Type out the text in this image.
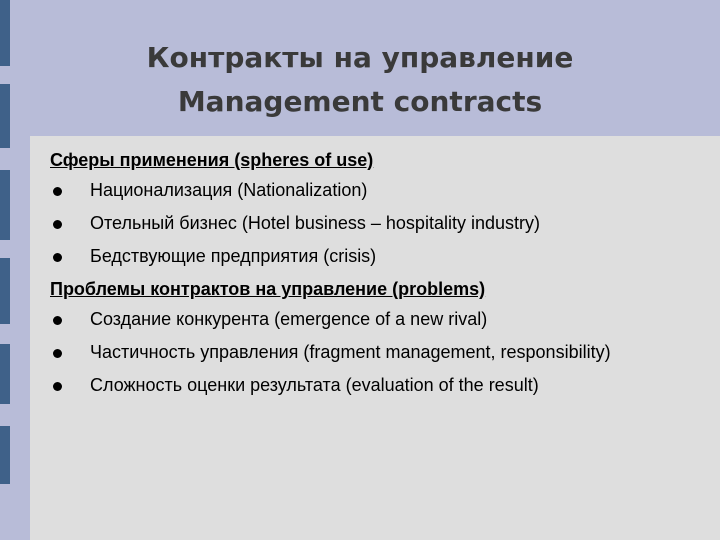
Контракты на управление
Management contracts

Сферы применения (spheres of use)

Национализация (Nationalization)
Отельный бизнес (Hotel business – hospitality industry)
Бедствующие предприятия (crisis)

Проблемы контрактов на управление (problems)

Создание конкурента (emergence of a new rival)
Частичность управления (fragment management, responsibility)
Сложность оценки результата (evaluation of the result)
